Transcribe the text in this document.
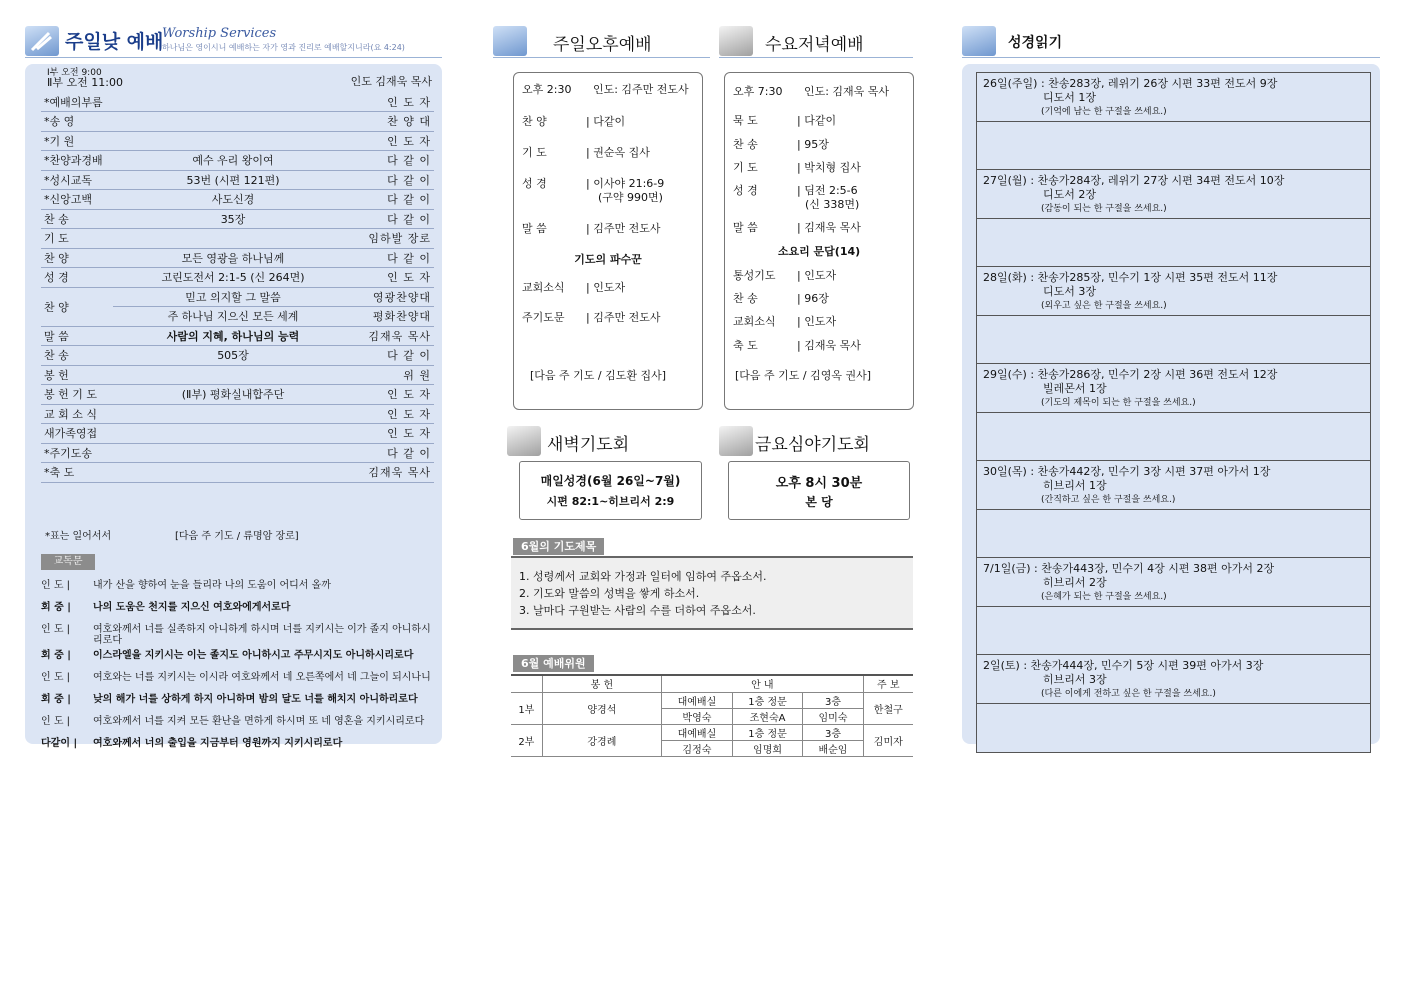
주일낮 예배
Worship Services
하나님은 영이시니 예배하는 자가 영과 진리로 예배할지니라(요 4:24)
Ⅰ부 오전 9:00
Ⅱ부 오전 11:00	인도 김재욱 목사
*예배의부름		인 도 자
*송 영		찬 양 대
*기 원		인 도 자
*찬양과경배	예수 우리 왕이여	다 같 이
*성시교독	53번 (시편 121편)	다 같 이
*신앙고백	사도신경	다 같 이
찬 송	35장	다 같 이
기 도		임하발 장로
찬 양	모든 영광을 하나님께	다 같 이
성 경	고린도전서 2:1-5 (신 264면)	인 도 자
찬 양	믿고 의지할 그 말씀	영광찬양대
	주 하나님 지으신 모든 세계	평화찬양대
말 씀	사람의 지혜, 하나님의 능력	김재욱 목사
찬 송	505장	다 같 이
봉 헌		위 원
봉 헌 기 도	(Ⅱ부) 평화실내합주단	인 도 자
교 회 소 식		인 도 자
새가족영접		인 도 자
*주기도송		다 같 이
*축 도		김재욱 목사
*표는 일어서서	[다음 주 기도 / 류명암 장로]
교독문
인 도 |	내가 산을 향하여 눈을 들리라 나의 도움이 어디서 올까
회 중 |	나의 도움은 천지를 지으신 여호와에게서로다
인 도 |	여호와께서 너를 실족하지 아니하게 하시며 너를 지키시는 이가 졸지 아니하시리로다
회 중 |	이스라엘을 지키시는 이는 졸지도 아니하시고 주무시지도 아니하시리로다
인 도 |	여호와는 너를 지키시는 이시라 여호와께서 네 오른쪽에서 네 그늘이 되시나니
회 중 |	낮의 해가 너를 상하게 하지 아니하며 밤의 달도 너를 해치지 아니하리로다
인 도 |	여호와께서 너를 지켜 모든 환난을 면하게 하시며 또 네 영혼을 지키시리로다
다같이 |	여호와께서 너의 출입을 지금부터 영원까지 지키시리로다
주일오후예배	수요저녁예배
오후 2:30 인도: 김주만 전도사
찬 양	| 다같이
기 도	| 권순옥 집사
성 경	| 이사야 21:6-9
(구약 990면)
말 씀	| 김주만 전도사
기도의 파수꾼
교회소식 | 인도자
주기도문 | 김주만 전도사
[다음 주 기도 / 김도환 집사]
오후 7:30 인도: 김재욱 목사
묵 도	| 다같이
찬 송	| 95장
기 도	| 박치형 집사
성 경	| 딤전 2:5-6
(신 338면)
말 씀	| 김재욱 목사
소요리 문답(14)
통성기도 | 인도자
찬 송	| 96장
교회소식 | 인도자
축 도	| 김재욱 목사
[다음 주 기도 / 김영옥 권사]
새벽기도회	금요심야기도회
매일성경(6월 26일~7월)
시편 82:1~히브리서 2:9
오후 8시 30분
본 당
6월의 기도제목
1. 성령께서 교회와 가정과 일터에 임하여 주옵소서.
2. 기도와 말씀의 성벽을 쌓게 하소서.
3. 날마다 구원받는 사람의 수를 더하여 주옵소서.
6월 예배위원
	봉 헌	안 내			주 보
1부	양경석	대예배실	1층 정문	3층	한철구
		박영숙	조현숙A	임미숙	
2부	강경례	대예배실	1층 정문	3층	김미자
		김정숙	임명희	배순임	
성경읽기
26일(주일) : 찬송283장, 레위기 26장 시편 33편 전도서 9장
디도서 1장
(기억에 남는 한 구절을 쓰세요.)
27일(월) : 찬송가284장, 레위기 27장 시편 34편 전도서 10장
디도서 2장
(감동이 되는 한 구절을 쓰세요.)
28일(화) : 찬송가285장, 민수기 1장 시편 35편 전도서 11장
디도서 3장
(외우고 싶은 한 구절을 쓰세요.)
29일(수) : 찬송가286장, 민수기 2장 시편 36편 전도서 12장
빌레몬서 1장
(기도의 제목이 되는 한 구절을 쓰세요.)
30일(목) : 찬송가442장, 민수기 3장 시편 37편 아가서 1장
히브리서 1장
(간직하고 싶은 한 구절을 쓰세요.)
7/1일(금) : 찬송가443장, 민수기 4장 시편 38편 아가서 2장
히브리서 2장
(은혜가 되는 한 구절을 쓰세요.)
2일(토) : 찬송가444장, 민수기 5장 시편 39편 아가서 3장
히브리서 3장
(다른 이에게 전하고 싶은 한 구절을 쓰세요.)
